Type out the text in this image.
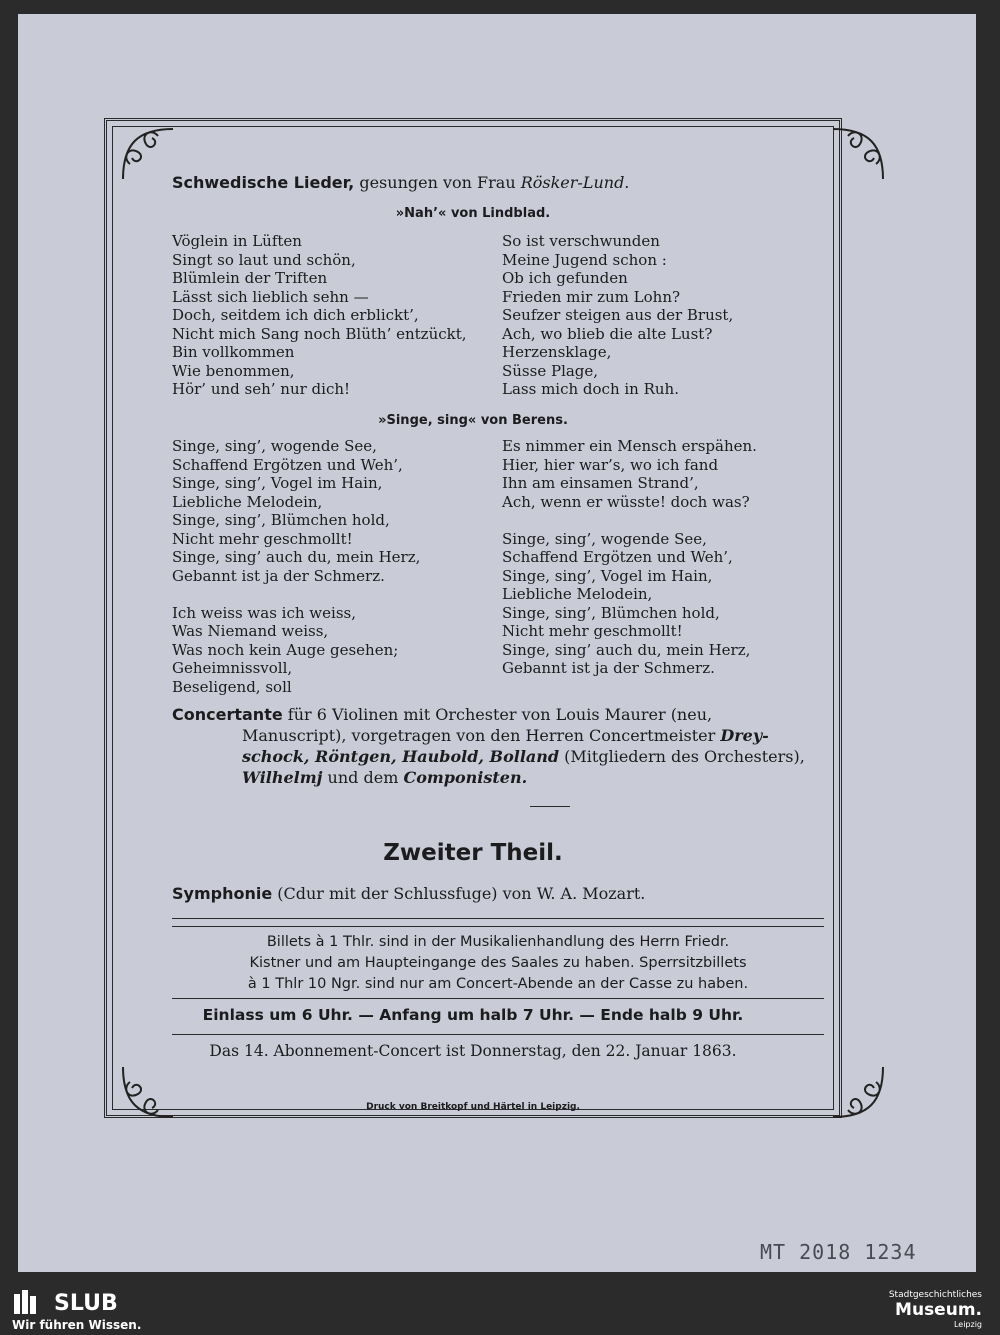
Schwedische Lieder, gesungen von Frau Rösker-Lund.
»Nah’« von Lindblad.
Vöglein in Lüften
Singt so laut und schön,
Blümlein der Triften
Lässt sich lieblich sehn —
Doch, seitdem ich dich erblickt’,
Nicht mich Sang noch Blüth’ entzückt,
Bin vollkommen
Wie benommen,
Hör’ und seh’ nur dich!
So ist verschwunden
Meine Jugend schon :
Ob ich gefunden
Frieden mir zum Lohn?
Seufzer steigen aus der Brust,
Ach, wo blieb die alte Lust?
Herzensklage,
Süsse Plage,
Lass mich doch in Ruh.
»Singe, sing« von Berens.
Singe, sing’, wogende See,
Schaffend Ergötzen und Weh’,
Singe, sing’, Vogel im Hain,
Liebliche Melodein,
Singe, sing’, Blümchen hold,
Nicht mehr geschmollt!
Singe, sing’ auch du, mein Herz,
Gebannt ist ja der Schmerz.

Ich weiss was ich weiss,
Was Niemand weiss,
Was noch kein Auge gesehen;
Geheimnissvoll,
Beseligend, soll
Es nimmer ein Mensch erspähen.
Hier, hier war’s, wo ich fand
Ihn am einsamen Strand’,
Ach, wenn er wüsste! doch was?

Singe, sing’, wogende See,
Schaffend Ergötzen und Weh’,
Singe, sing’, Vogel im Hain,
Liebliche Melodein,
Singe, sing’, Blümchen hold,
Nicht mehr geschmollt!
Singe, sing’ auch du, mein Herz,
Gebannt ist ja der Schmerz.
Concertante für 6 Violinen mit Orchester von Louis Maurer (neu,
Manuscript), vorgetragen von den Herren Concertmeister Drey-
schock, Röntgen, Haubold, Bolland (Mitgliedern des Orchesters),
Wilhelmj und dem Componisten.
Zweiter Theil.
Symphonie (Cdur mit der Schlussfuge) von W. A. Mozart.
Billets à 1 Thlr. sind in der Musikalienhandlung des Herrn Friedr.
Kistner und am Haupteingange des Saales zu haben. Sperrsitzbillets
à 1 Thlr 10 Ngr. sind nur am Concert-Abende an der Casse zu haben.
Einlass um 6 Uhr. — Anfang um halb 7 Uhr. — Ende halb 9 Uhr.
Das 14. Abonnement-Concert ist Donnerstag, den 22. Januar 1863.
Druck von Breitkopf und Härtel in Leipzig.
MT 2018 1234
SLUB
Wir führen Wissen.
Stadtgeschichtliches
Museum.
Leipzig
